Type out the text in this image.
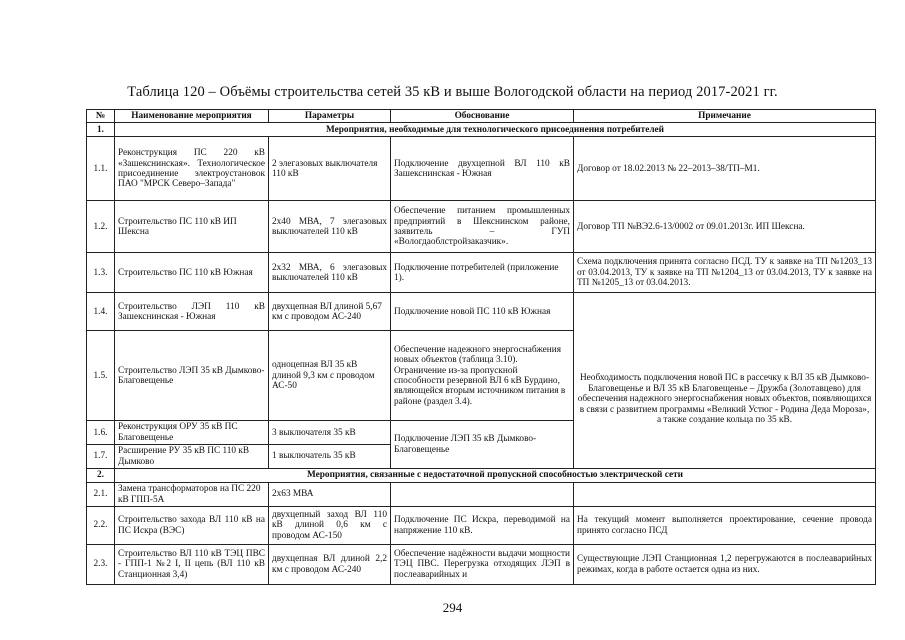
Таблица 120 – Объёмы строительства сетей 35 кВ и выше Вологодской области на период 2017-2021 гг.
№	Наименование мероприятия	Параметры	Обоснование	Примечание
1.	Мероприятия, необходимые для технологического присоединения потребителей			
1.1.	Реконструкция ПС 220 кВ «Зашекснинская». Технологическое присоединение электроустановок ПАО "МРСК Северо–Запада"	2 элегазовых выключателя 110 кВ	Подключение двухцепной ВЛ 110 кВ Зашекснинская - Южная	Договор от 18.02.2013 № 22–2013–38/ТП–М1.
1.2.	Строительство ПС 110 кВ ИП Шексна	2х40 МВА, 7 элегазовых выключателей 110 кВ	Обеспечение питанием промышленных предприятий в Шекснинском районе, заявитель – ГУП «Вологдаоблстройзаказчик».	Договор ТП №ВЭ2.6-13/0002 от 09.01.2013г. ИП Шексна.
1.3.	Строительство ПС 110 кВ Южная	2х32 МВА, 6 элегазовых выключателей 110 кВ	Подключение потребителей (приложение 1).	Схема подключения принята согласно ПСД. ТУ к заявке на ТП №1203_13 от 03.04.2013, ТУ к заявке на ТП №1204_13 от 03.04.2013, ТУ к заявке на ТП №1205_13 от 03.04.2013.
1.4.	Строительство ЛЭП 110 кВ Зашекснинская - Южная	двухцепная ВЛ длиной 5,67 км с проводом АС-240	Подключение новой ПС 110 кВ Южная	
1.5.	Строительство ЛЭП 35 кВ Дымково-Благовещенье	одноцепная ВЛ 35 кВ длиной 9,3 км с проводом АС-50	Обеспечение надежного энергоснабжения новых объектов (таблица 3.10). Ограничение из-за пропускной способности резервной ВЛ 6 кВ Бурдино, являющейся вторым источником питания в районе (раздел 3.4).	Необходимость подключения новой ПС в рассечку к ВЛ 35 кВ Дымково-Благовещенье и ВЛ 35 кВ Благовещенье – Дружба (Золотавцево) для обеспечения надежного энергоснабжения новых объектов, появляющихся в связи с развитием программы «Великий Устюг - Родина Деда Мороза», а также создание кольца по 35 кВ.
1.6.	Реконструкция ОРУ 35 кВ ПС Благовещенье	3 выключателя 35 кВ	Подключение ЛЭП 35 кВ Дымково-Благовещенье	
1.7.	Расширение РУ 35 кВ ПС 110 кВ Дымково	1 выключатель 35 кВ		
2.	Мероприятия, связанные с недостаточной пропускной способностью электрической сети			
2.1.	Замена трансформаторов на ПС 220 кВ ГПП-5А	2х63 МВА		
2.2.	Строительство захода ВЛ 110 кВ на ПС Искра (ВЭС)	двухцепный заход ВЛ 110 кВ длиной 0,6 км с проводом АС-150	Подключение ПС Искра, переводимой на напряжение 110 кВ.	На текущий момент выполняется проектирование, сечение провода принято согласно ПСД
2.3.	Строительство ВЛ 110 кВ ТЭЦ ПВС - ГПП-1 №2 I, II цепь (ВЛ 110 кВ Станционная 3,4)	двухцепная ВЛ длиной 2,2 км с проводом АС-240	Обеспечение надёжности выдачи мощности ТЭЦ ПВС. Перегрузка отходящих ЛЭП в послеаварийных и	Существующие ЛЭП Станционная 1,2 перегружаются в послеаварийных режимах, когда в работе остается одна из них.
294
